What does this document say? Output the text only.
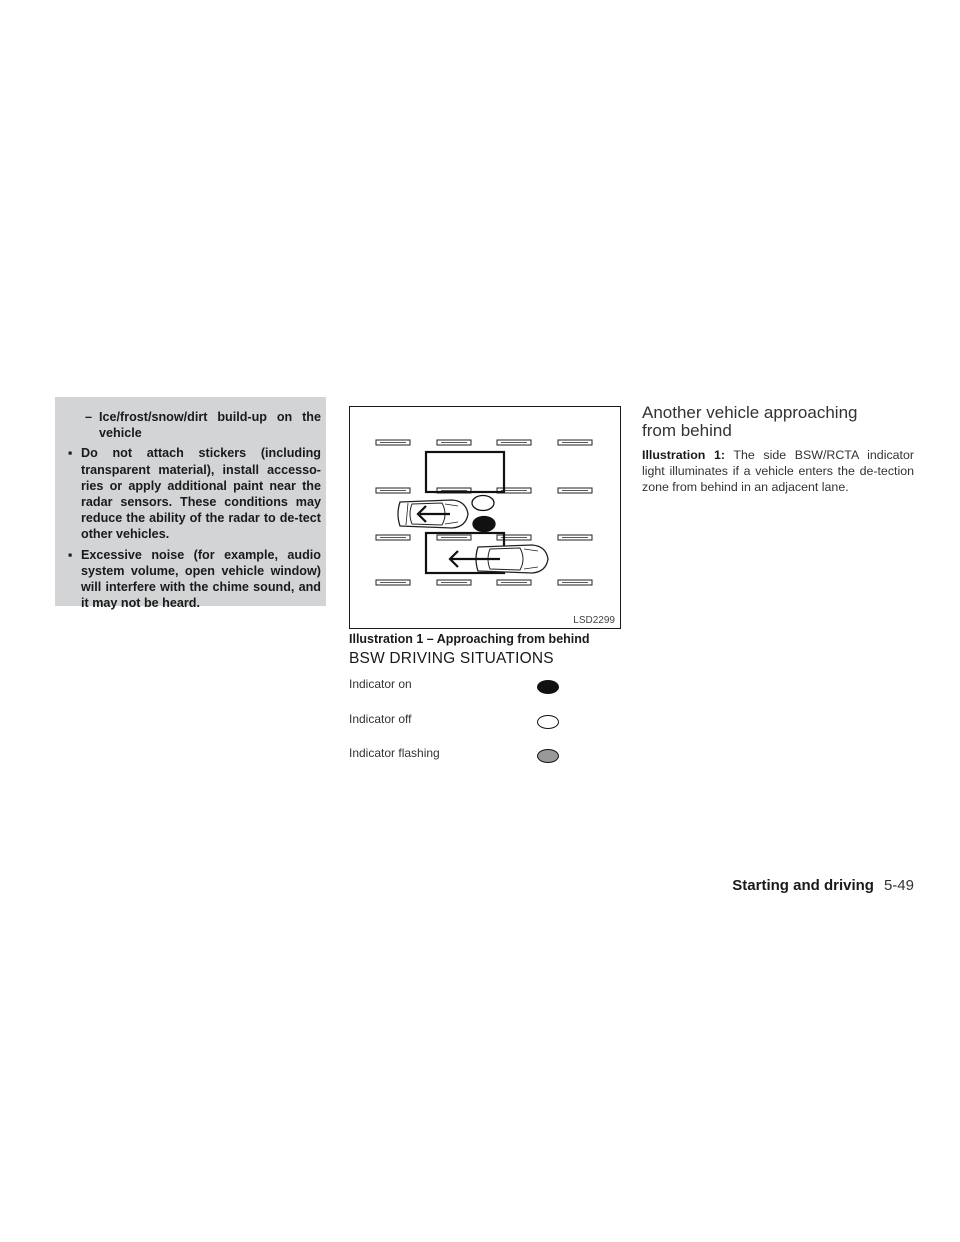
– Ice/frost/snow/dirt build-up on the vehicle
▪ Do not attach stickers (including transparent material), install accesso-ries or apply additional paint near the radar sensors. These conditions may reduce the ability of the radar to de-tect other vehicles.
▪ Excessive noise (for example, audio system volume, open vehicle window) will interfere with the chime sound, and it may not be heard.
LSD2299
Illustration 1 – Approaching from behind
BSW DRIVING SITUATIONS
Indicator on
Indicator off
Indicator flashing
Another vehicle approaching
from behind
Illustration 1: The side BSW/RCTA indicator light illuminates if a vehicle enters the de-tection zone from behind in an adjacent lane.
Starting and driving 5-49
